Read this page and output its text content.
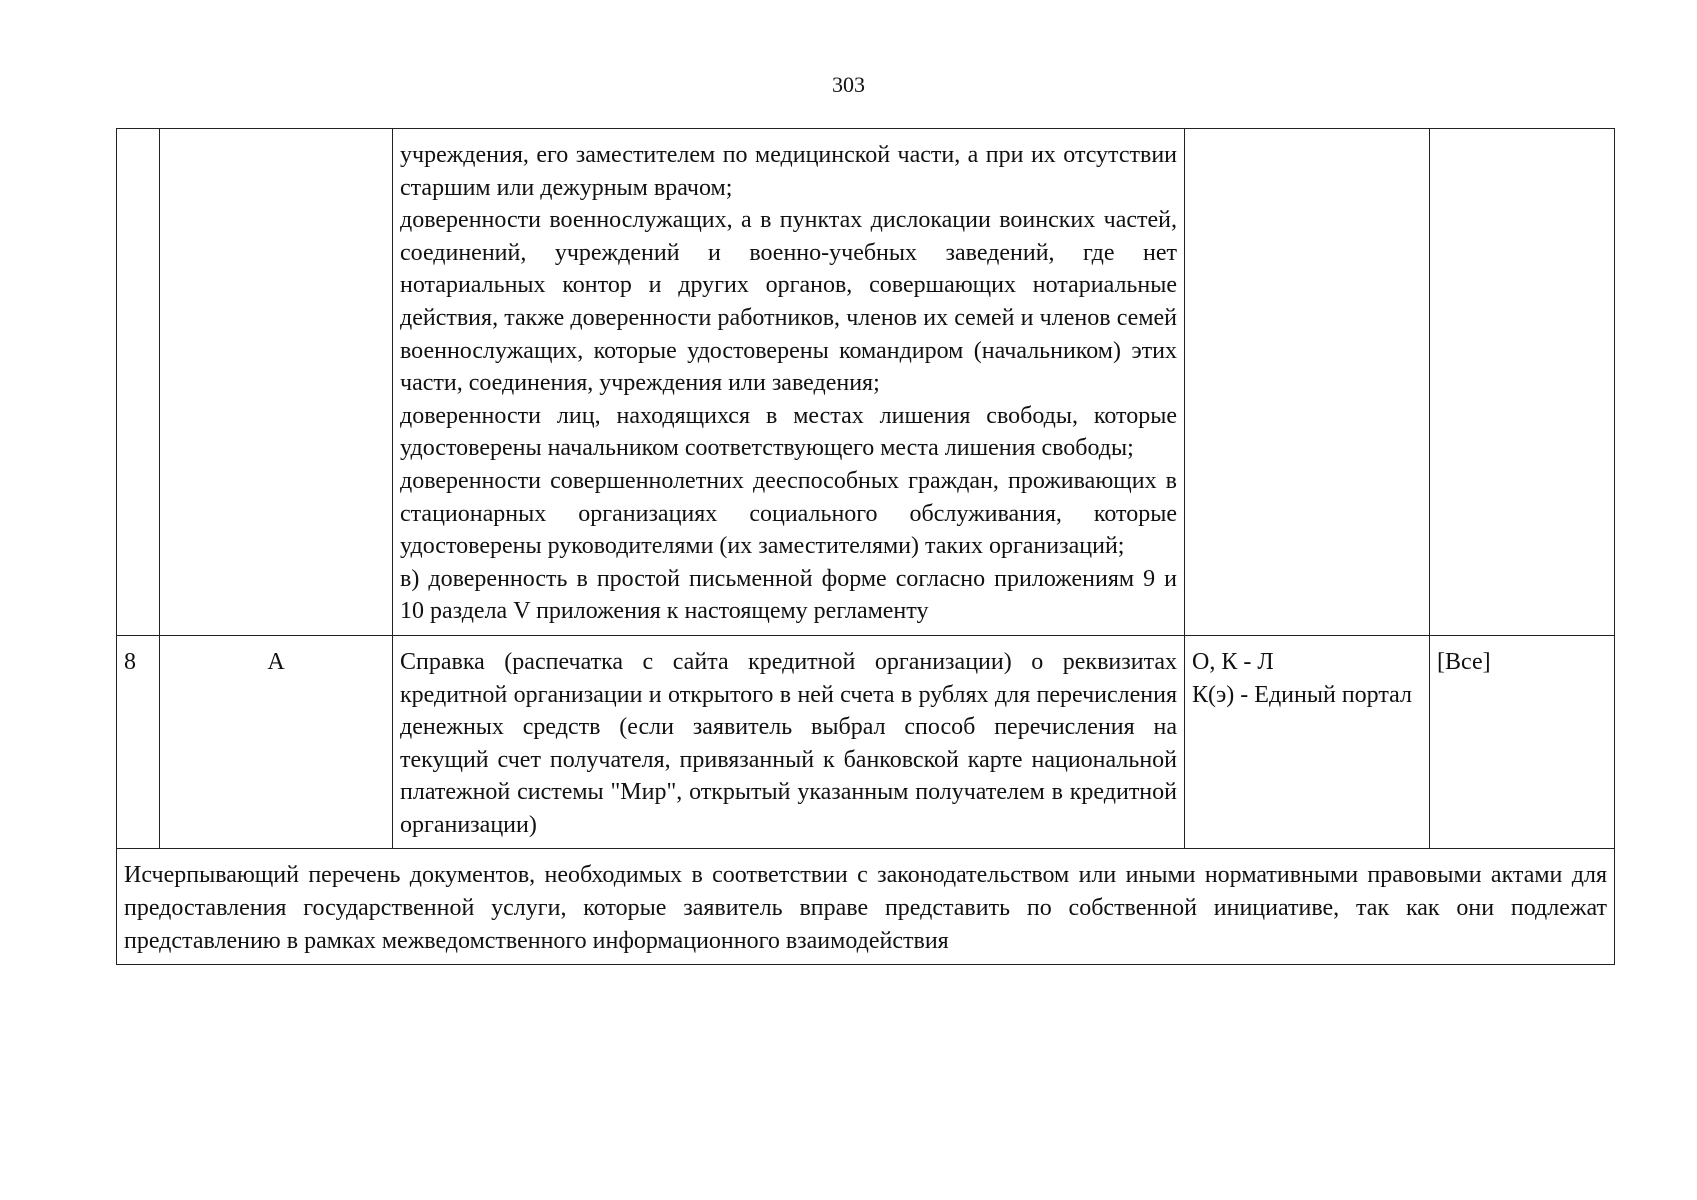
303

		учреждения, его заместителем по медицинской части, а при их отсутствии старшим или дежурным врачом;
доверенности военнослужащих, а в пунктах дислокации воинских частей, соединений, учреждений и военно-учебных заведений, где нет нотариальных контор и других органов, совершающих нотариальные действия, также доверенности работников, членов их семей и членов семей военнослужащих, которые удостоверены командиром (начальником) этих части, соединения, учреждения или заведения;
доверенности лиц, находящихся в местах лишения свободы, которые удостоверены начальником соответствующего места лишения свободы;
доверенности совершеннолетних дееспособных граждан, проживающих в стационарных организациях социального обслуживания, которые удостоверены руководителями (их заместителями) таких организаций;
в) доверенность в простой письменной форме согласно приложениям 9 и 10 раздела V приложения к настоящему регламенту		

8	А	Справка (распечатка с сайта кредитной организации) о реквизитах кредитной организации и открытого в ней счета в рублях для перечисления денежных средств (если заявитель выбрал способ перечисления на текущий счет получателя, привязанный к банковской карте национальной платежной системы "Мир", открытый указанным получателем в кредитной организации)	О, К - Л
К(э) - Единый портал	[Все]
Исчерпывающий перечень документов, необходимых в соответствии с законодательством или иными нормативными правовыми актами для предоставления государственной услуги, которые заявитель вправе представить по собственной инициативе, так как они подлежат представлению в рамках межведомственного информационного взаимодействия				
